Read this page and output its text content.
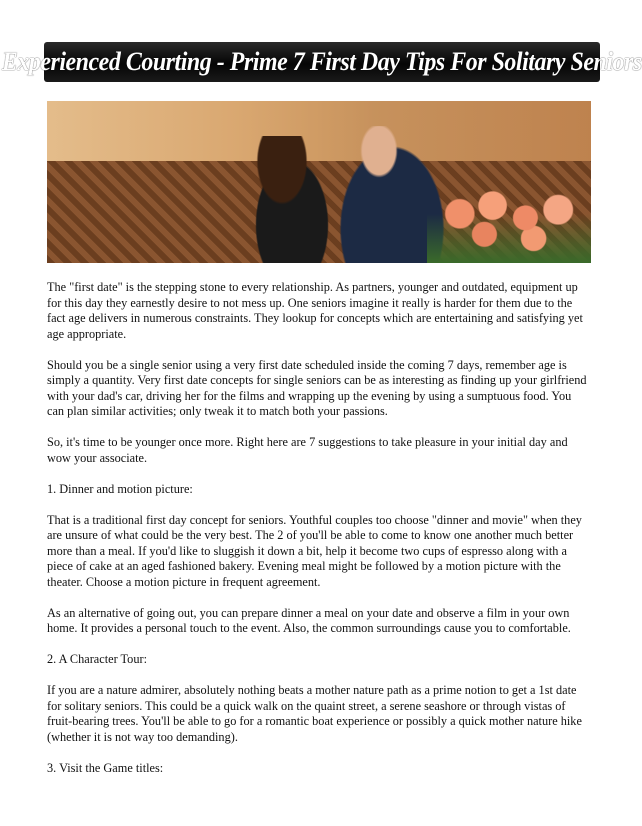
Experienced Courting - Prime 7 First Day Tips For Solitary Seniors

The "first date" is the stepping stone to every relationship. As partners, younger and outdated, equipment up for this day they earnestly desire to not mess up. One seniors imagine it really is harder for them due to the fact age delivers in numerous constraints. They lookup for concepts which are entertaining and satisfying yet age appropriate.

Should you be a single senior using a very first date scheduled inside the coming 7 days, remember age is simply a quantity. Very first date concepts for single seniors can be as interesting as finding up your girlfriend with your dad's car, driving her for the films and wrapping up the evening by using a sumptuous food. You can plan similar activities; only tweak it to match both your passions.

So, it's time to be younger once more. Right here are 7 suggestions to take pleasure in your initial day and wow your associate.

1. Dinner and motion picture:

That is a traditional first day concept for seniors. Youthful couples too choose "dinner and movie" when they are unsure of what could be the very best. The 2 of you'll be able to come to know one another much better more than a meal. If you'd like to sluggish it down a bit, help it become two cups of espresso along with a piece of cake at an aged fashioned bakery. Evening meal might be followed by a motion picture with the theater. Choose a motion picture in frequent agreement.

As an alternative of going out, you can prepare dinner a meal on your date and observe a film in your own home. It provides a personal touch to the event. Also, the common surroundings cause you to comfortable.

2. A Character Tour:

If you are a nature admirer, absolutely nothing beats a mother nature path as a prime notion to get a 1st date for solitary seniors. This could be a quick walk on the quaint street, a serene seashore or through vistas of fruit-bearing trees. You'll be able to go for a romantic boat experience or possibly a quick mother nature hike (whether it is not way too demanding).

3. Visit the Game titles:
